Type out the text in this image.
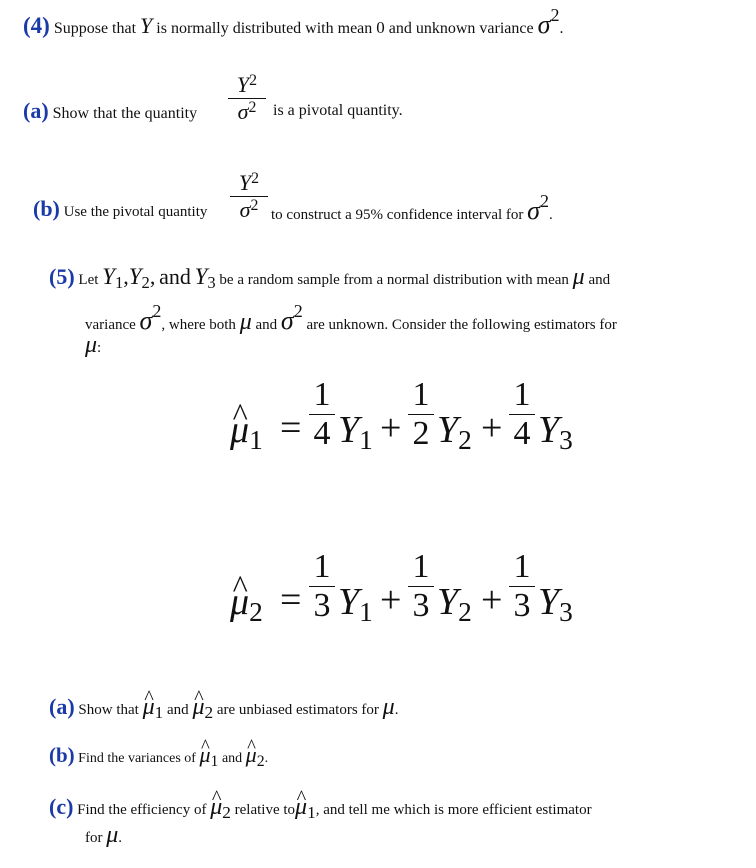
(4) Suppose that Y is normally distributed with mean 0 and unknown variance σ2.
(a) Show that the quantity
$Y^2$
$\sigma^2$	is a pivotal quantity.
(b) Use the pivotal quantity
$Y^2$
$\sigma^2$
to construct a 95% confidence interval for σ2.
(5) Let Y1,Y2, and Y3 be a random sample from a normal distribution with mean μ and
variance σ2, where both μ and σ2 are unknown. Consider the following estimators for
μ:
^ μ1 =
1
4 Y1 +
1
2 Y2 +
1
4 Y3
^ μ2 =
1
3 Y1 +
1
3 Y2 +
1
3 Y3
(a) Show that ^ μ1 and ^ μ2 are unbiased estimators for μ.
(b) Find the variances of ^ μ1 and ^ μ2.
(c) Find the efficiency of ^ μ2 relative to^ μ1, and tell me which is more efficient estimator
for μ.
